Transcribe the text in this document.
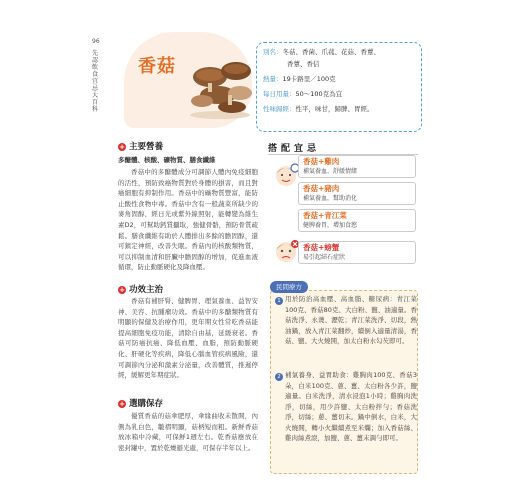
96
先認飲食宜忌大百科
香菇
別名：冬菇、香菌、爪菰、花菇、香蕈、
香蕈、香信
熱量：19卡路里／100克
每日用量：50～100克為宜
性味歸經：性平，味甘，歸脾、胃經。
+ 主要營養
多醣體、核酸、礦物質、膳食纖維
香菇中的多醣體成分可調節人體內免疫細胞的活性，預防致癌物質對於身體的損害，而且對癌細胞有抑制作用。香菇中的礦物質豐富，能防止酸性食物中毒。香菇中含有一般蔬菜所缺少的麥角固醇，經日光或紫外線照射，能轉變為維生素D2，可幫助鈣質攝取，強健骨骼，預防骨質疏鬆。膳食纖維有助於人體排出多餘的膽固醇，還可鎮定神經，改善失眠。香菇內的核酸類物質，可以抑制血清和肝臟中膽固醇的增加，促進血液循環，防止動脈硬化及降血壓。
+ 功效主治
香菇有補肝腎、健脾胃、理氣養血、益智安神、美容、抗腫瘤功效。香菇中的多醣類物質有明顯的保健及治療作用，更年期女性常吃香菇能提高細胞免疫功能，清除自由基，延緩衰老。香菇可防癌抗癌、降低血壓、血脂，預防動脈硬化、肝硬化等疾病，降低心腦血管疾病風險，還可調節內分泌和激素分泌量，改善體質，推遲停經，緩解更年期症狀。
+ 選購保存
優質香菇的菇傘肥厚，傘緣曲收未散開，內側為乳白色，皺褶明顯，菇柄短而粗。新鮮香菇放冰箱中冷藏，可保鮮1週左右。乾香菇應放在密封罐中，置於乾燥避光處，可保存半年以上。
搭配宜忌
香菇+雞肉
補氣養血、舒緩情緒
香菇+豬肉
補氣養血，幫助消化
香菇+青江菜
健脾養胃，增加食慾
香菇+螃蟹
易引起結石症狀
1 用於防治高血壓、高血脂、糖尿病：青江菜100克、香菇80克、大白粉、鹽、油適量。香菇洗淨、永燙、瀝乾；青江菜洗淨、切段，熱油鍋，放入青江菜翻炒，續倒入適量清湯，香菇、鹽、大火燒開，加太白粉水勾芡即可。

2 補氣養身、益胃助食：雞胸肉100克、香菇3朵，白米100克、蔥、薑、太白粉各少許，鹽適量。白米洗淨，清水浸泡1小時；雞胸肉洗淨，切絲，用少許鹽、太白粉拌勻；香菇洗淨，切絲；蔥、薑切末。鍋中倒水，白米，大火燒開，轉小火繼續煮至米爛；加入香菇絲、雞肉絲煮滾，加鹽、蔥、薑末調勻即可。

民間療方
